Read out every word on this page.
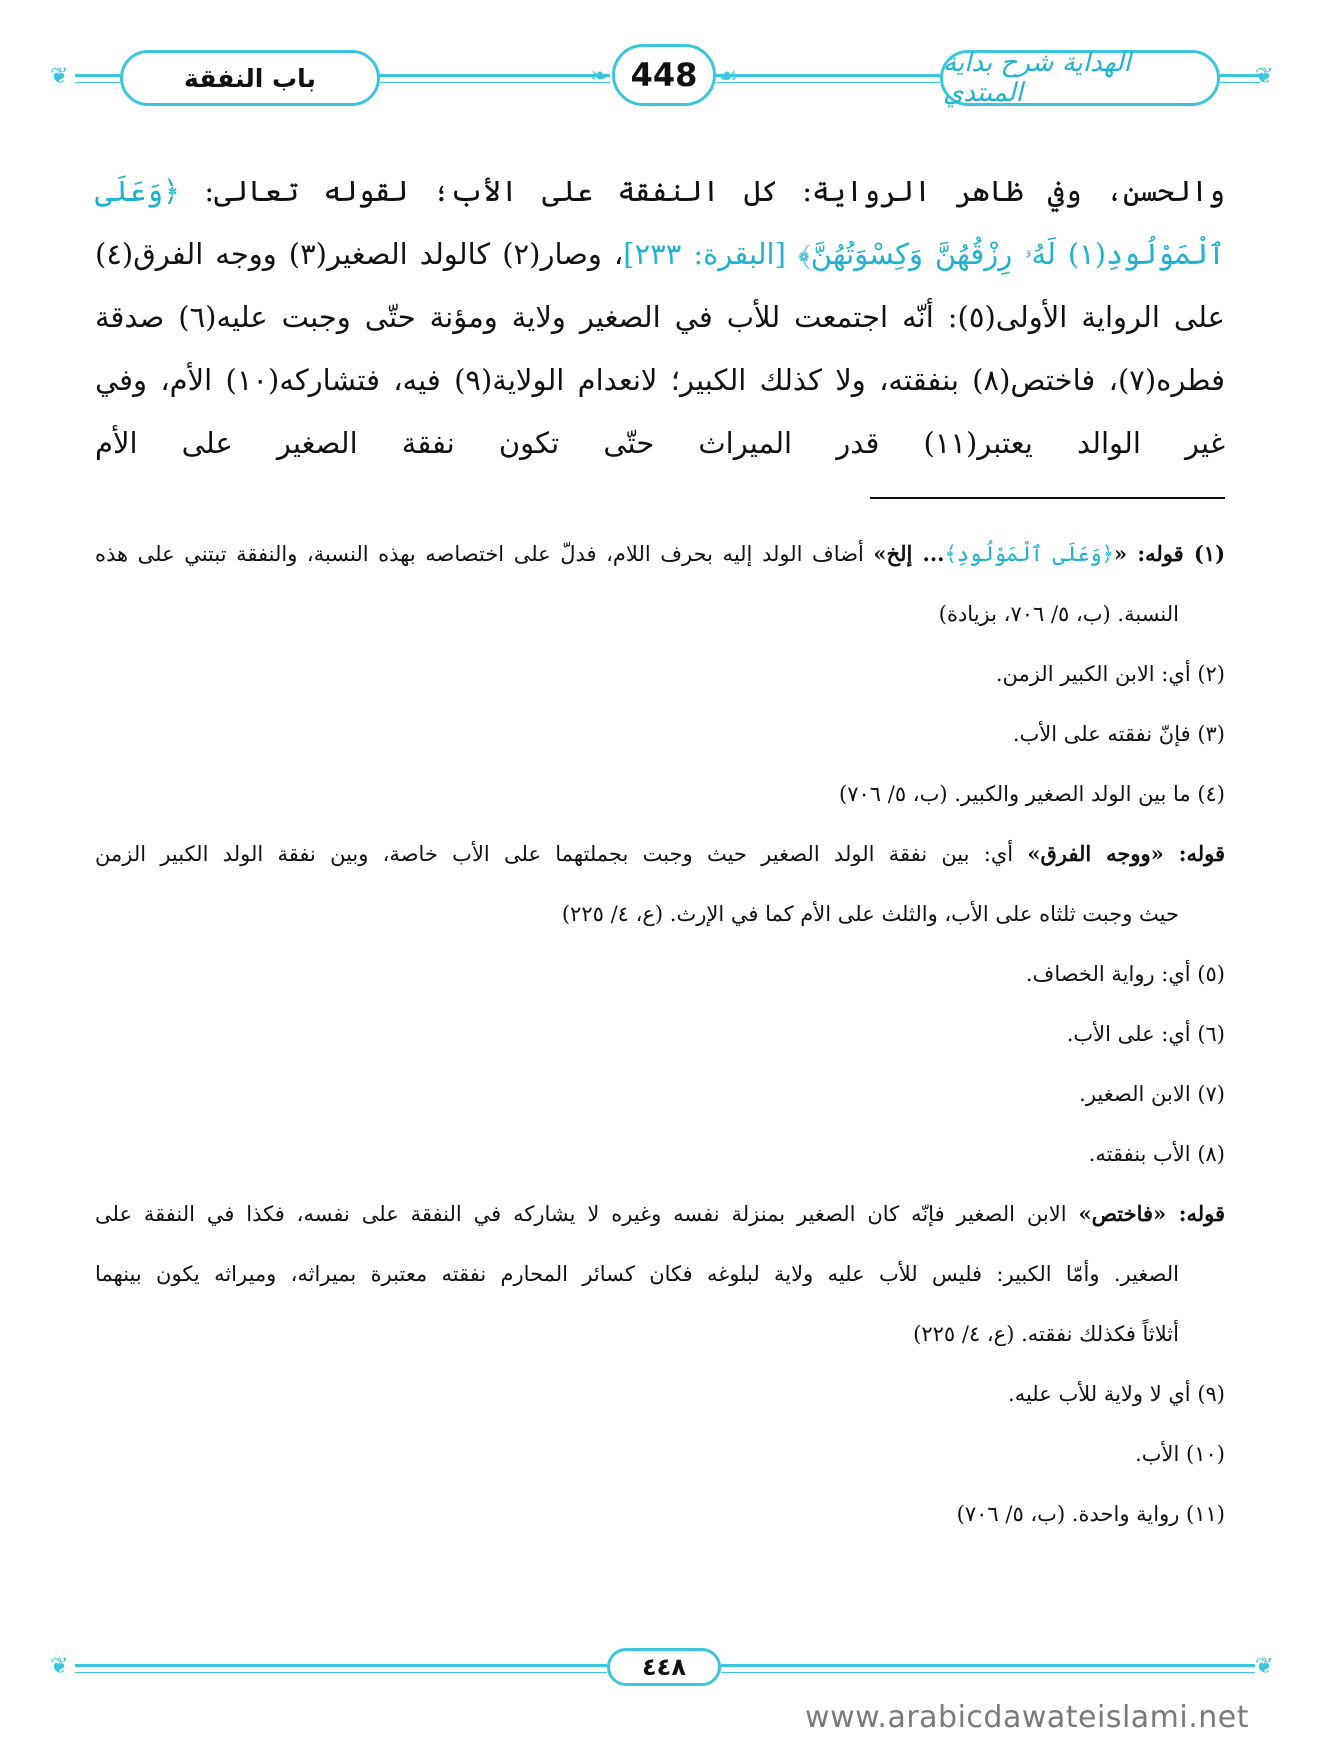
❦	باب النفقة	❧ 448 ☙	الهداية شرح بداية المبتدي
❦

والحسن، وفي ظاهر الرواية: كل النفقة على الأب؛ لقوله تعالى: ﴿وَعَلَى ٱلْمَوْلُودِ(١) لَهُۥ رِزْقُهُنَّ وَكِسْوَتُهُنَّ﴾ [البقرة: ٢٣٣]، وصار(٢) كالولد الصغير(٣) ووجه الفرق(٤) على الرواية الأولى(٥): أنّه اجتمعت للأب في الصغير ولاية ومؤنة حتّى وجبت عليه(٦) صدقة فطره(٧)، فاختص(٨) بنفقته، ولا كذلك الكبير؛ لانعدام الولاية(٩) فيه، فتشاركه(١٠) الأم، وفي غير الوالد يعتبر(١١) قدر الميراث حتّى تكون نفقة الصغير على الأم

(١) قوله: «﴿وَعَلَى ٱلْمَوْلُودِ﴾... إلخ» أضاف الولد إليه بحرف اللام، فدلّ على اختصاصه بهذه النسبة، والنفقة تبتني على هذه
النسبة. (ب، ٥/ ٧٠٦، بزيادة)
(٢) أي: الابن الكبير الزمن.
(٣) فإنّ نفقته على الأب.
(٤) ما بين الولد الصغير والكبير. (ب، ٥/ ٧٠٦)
قوله: «ووجه الفرق» أي: بين نفقة الولد الصغير حيث وجبت بجملتهما على الأب خاصة، وبين نفقة الولد الكبير الزمن
حيث وجبت ثلثاه على الأب، والثلث على الأم كما في الإرث. (ع، ٤/ ٢٢٥)
(٥) أي: رواية الخصاف.
(٦) أي: على الأب.
(٧) الابن الصغير.
(٨) الأب بنفقته.
قوله: «فاختص» الابن الصغير فإنّه كان الصغير بمنزلة نفسه وغيره لا يشاركه في النفقة على نفسه، فكذا في النفقة على
الصغير. وأمّا الكبير: فليس للأب عليه ولاية لبلوغه فكان كسائر المحارم نفقته معتبرة بميراثه، وميراثه يكون بينهما
أثلاثاً فكذلك نفقته. (ع، ٤/ ٢٢٥)
(٩) أي لا ولاية للأب عليه.
(١٠) الأب.
(١١) رواية واحدة. (ب، ٥/ ٧٠٦)
❦	٤٤٨	❦
www.arabicdawateislami.net
